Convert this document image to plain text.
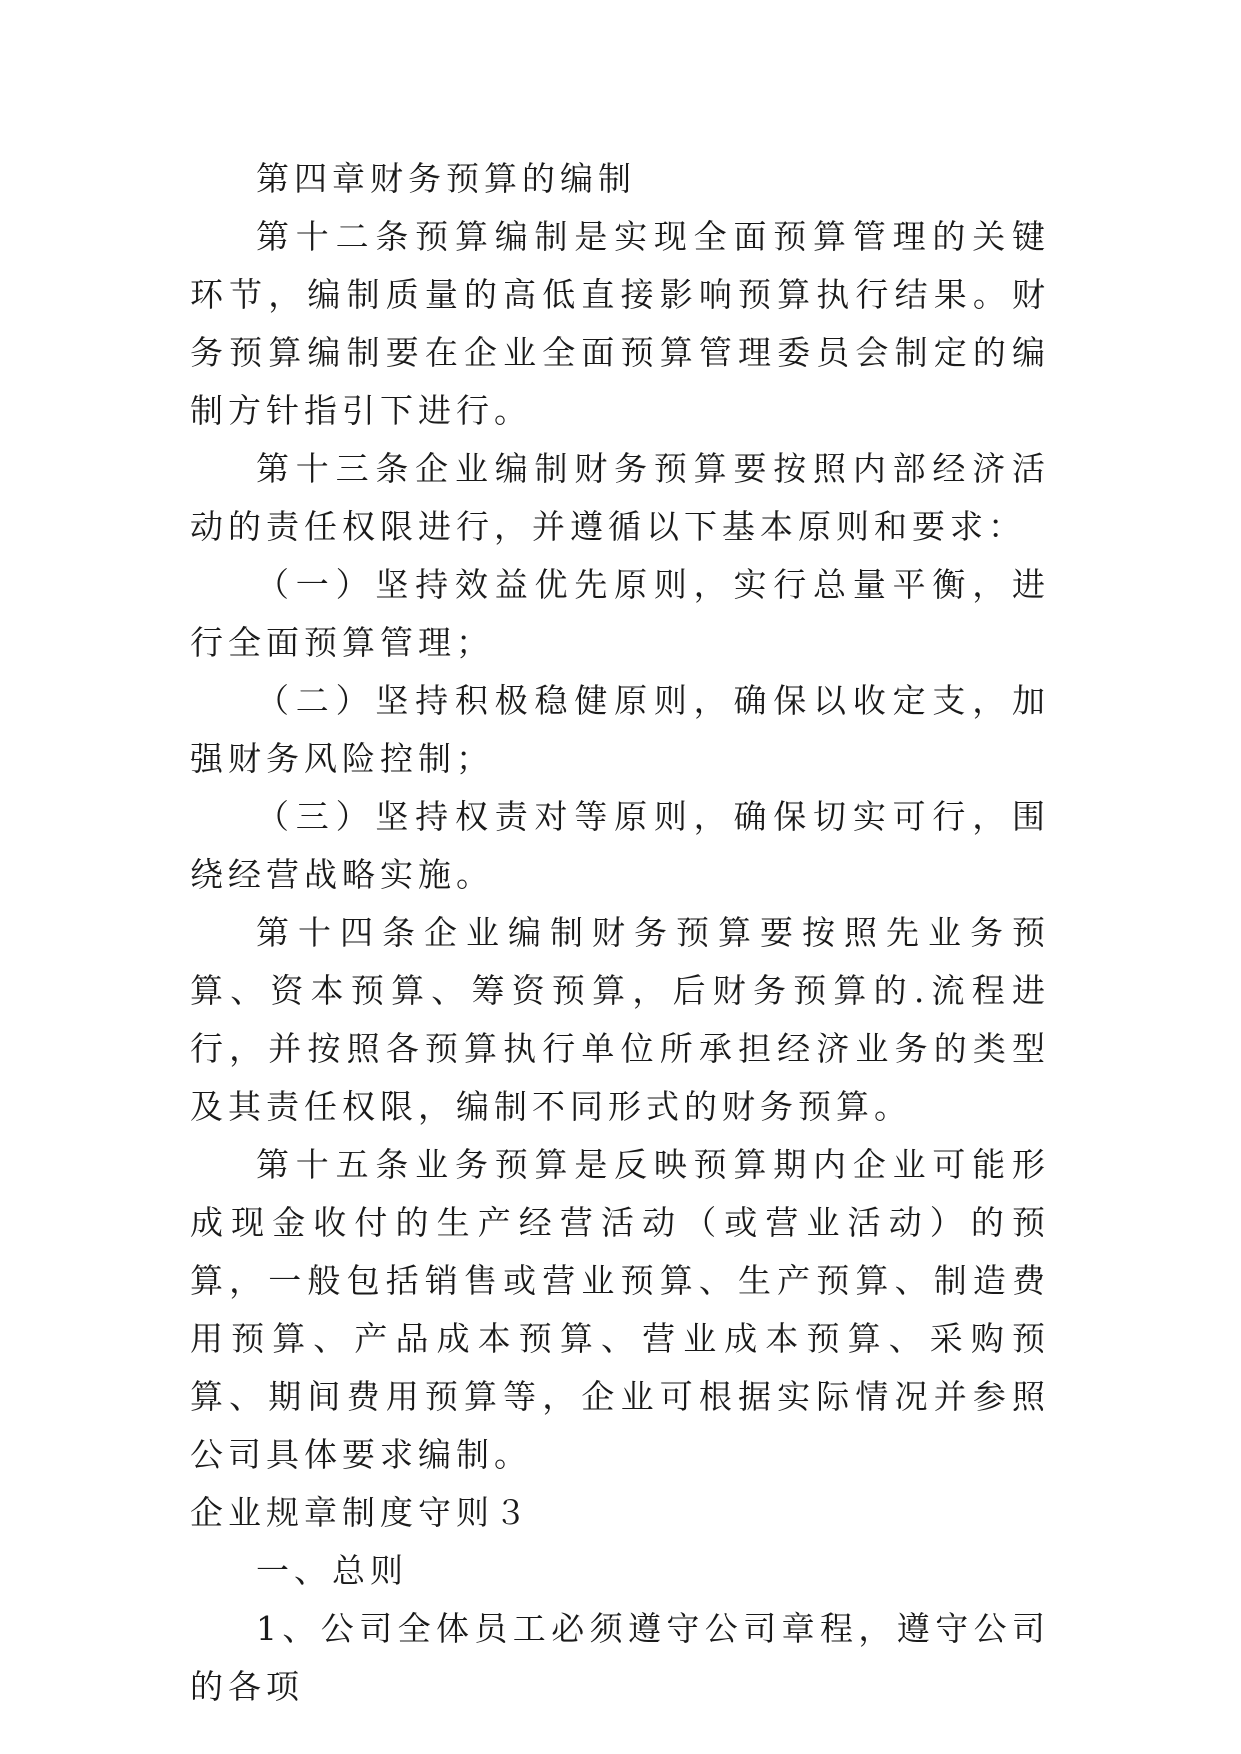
第四章财务预算的编制

第十二条预算编制是实现全面预算管理的关键环节，编制质量的高低直接影响预算执行结果。财务预算编制要在企业全面预算管理委员会制定的编制方针指引下进行。

第十三条企业编制财务预算要按照内部经济活动的责任权限进行，并遵循以下基本原则和要求：

（一）坚持效益优先原则，实行总量平衡，进行全面预算管理；

（二）坚持积极稳健原则，确保以收定支，加强财务风险控制；

（三）坚持权责对等原则，确保切实可行，围绕经营战略实施。

第十四条企业编制财务预算要按照先业务预算、资本预算、筹资预算，后财务预算的.流程进行，并按照各预算执行单位所承担经济业务的类型及其责任权限，编制不同形式的财务预算。

第十五条业务预算是反映预算期内企业可能形成现金收付的生产经营活动（或营业活动）的预算，一般包括销售或营业预算、生产预算、制造费用预算、产品成本预算、营业成本预算、采购预算、期间费用预算等，企业可根据实际情况并参照公司具体要求编制。

企业规章制度守则３

一、总则

1、公司全体员工必须遵守公司章程，遵守公司的各项
